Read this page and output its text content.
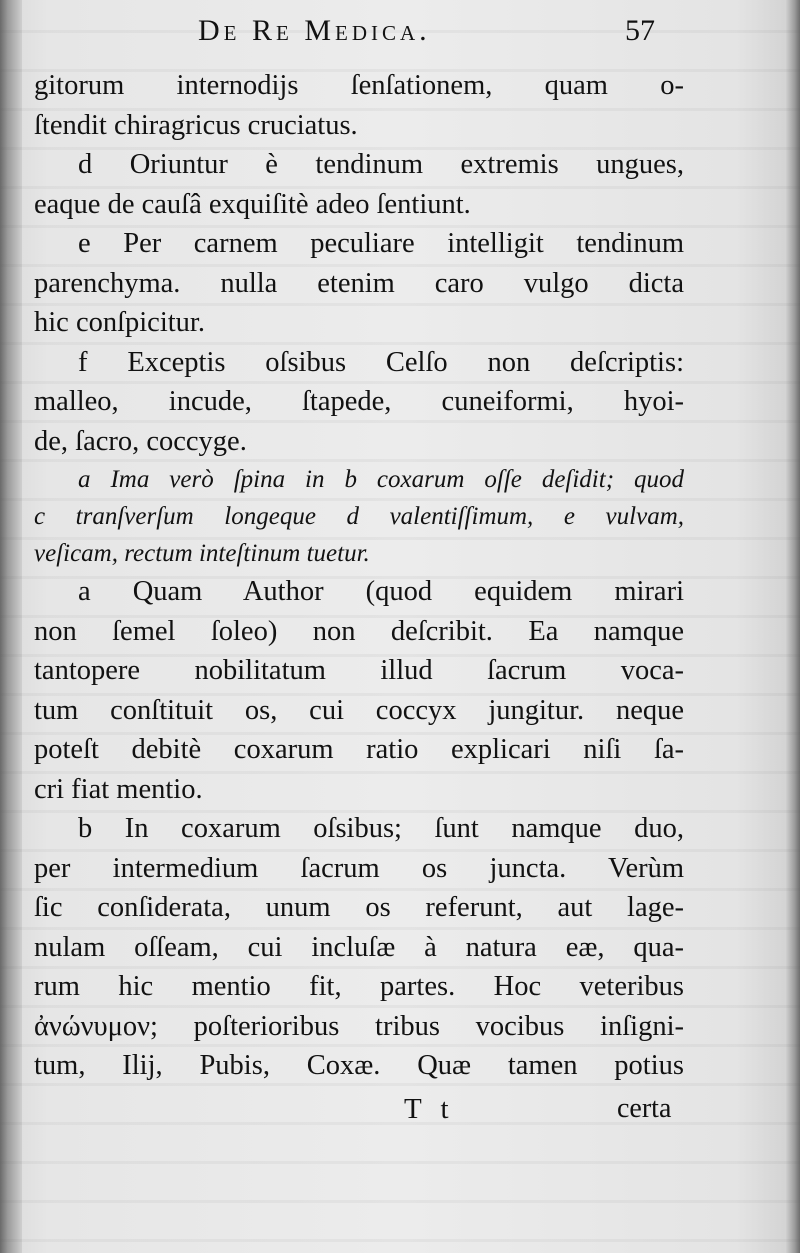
De Re Medica.	57
gitorum internodijs ſenſationem, quam o-
ſtendit chiragricus cruciatus.
d Oriuntur è tendinum extremis ungues,
eaque de cauſâ exquiſitè adeo ſentiunt.
e Per carnem peculiare intelligit tendinum
parenchyma. nulla etenim caro vulgo dicta
hic conſpicitur.
f Exceptis oſsibus Celſo non deſcriptis:
malleo, incude, ſtapede, cuneiformi, hyoi-
de, ſacro, coccyge.
a Ima verò ſpina in b coxarum oſſe deſidit; quod
c tranſverſum longeque d valentiſſimum, e vulvam,
veſicam, rectum inteſtinum tuetur.
a Quam Author (quod equidem mirari
non ſemel ſoleo) non deſcribit. Ea namque
tantopere nobilitatum illud ſacrum voca-
tum conſtituit os, cui coccyx jungitur. neque
poteſt debitè coxarum ratio explicari niſi ſa-
cri fiat mentio.
b In coxarum oſsibus; ſunt namque duo,
per intermedium ſacrum os juncta. Verùm
ſic conſiderata, unum os referunt, aut lage-
nulam oſſeam, cui incluſæ à natura eæ, qua-
rum hic mentio fit, partes. Hoc veteribus
ἀνώνυμον; poſterioribus tribus vocibus inſigni-
tum, Ilij, Pubis, Coxæ. Quæ tamen potius
T t	certa
